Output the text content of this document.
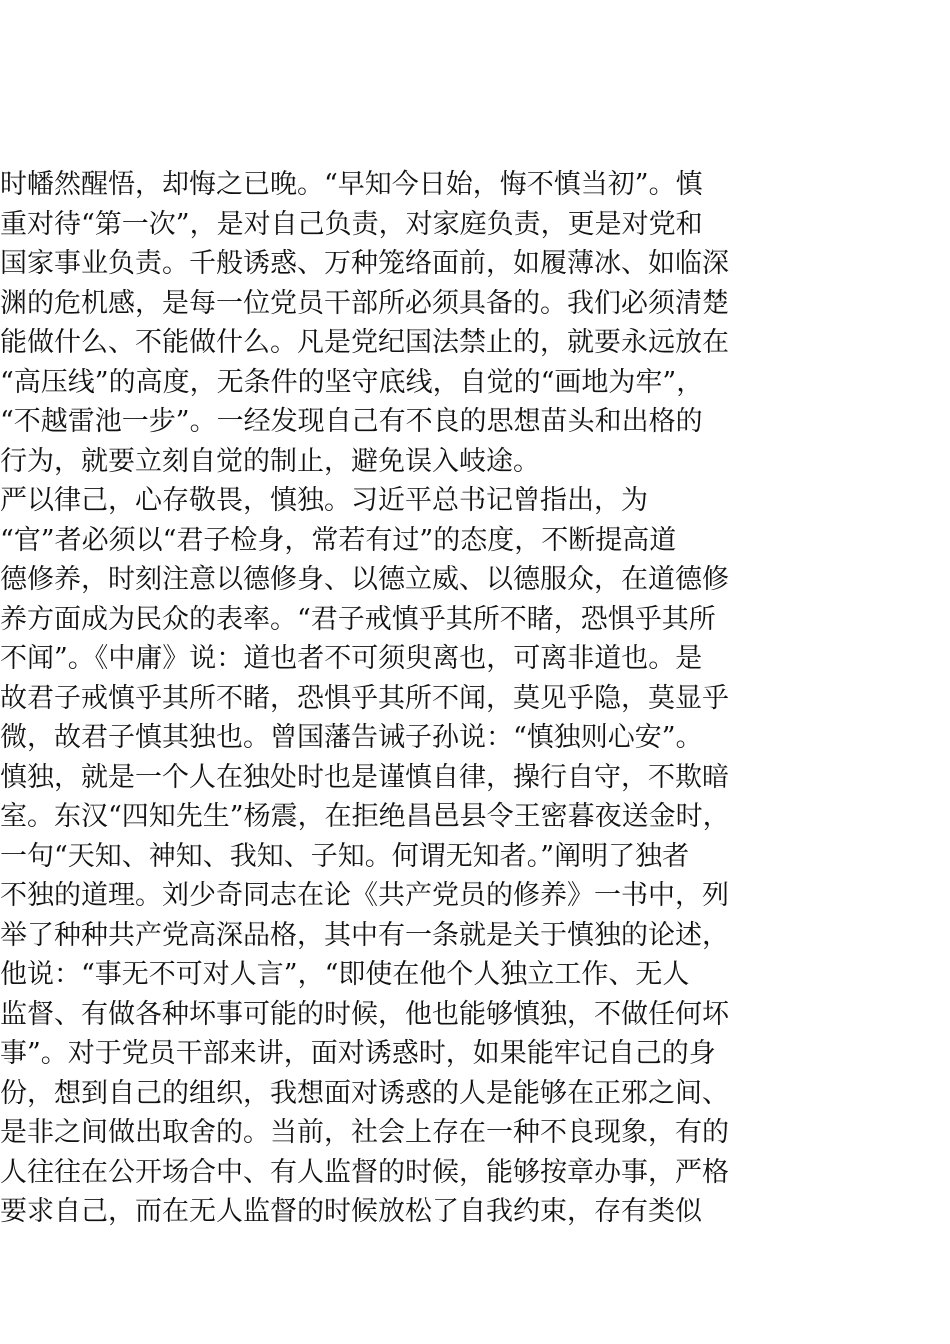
时幡然醒悟，却悔之已晚。“早知今日始，悔不慎当初”。慎
重对待“第一次”，是对自己负责，对家庭负责，更是对党和
国家事业负责。千般诱惑、万种笼络面前，如履薄冰、如临深
渊的危机感，是每一位党员干部所必须具备的。我们必须清楚
能做什么、不能做什么。凡是党纪国法禁止的，就要永远放在
“高压线”的高度，无条件的坚守底线，自觉的“画地为牢”，
“不越雷池一步”。一经发现自己有不良的思想苗头和出格的
行为，就要立刻自觉的制止，避免误入岐途。
严以律己，心存敬畏，慎独。习近平总书记曾指出，为
“官”者必须以“君子检身，常若有过”的态度，不断提高道
德修养，时刻注意以德修身、以德立威、以德服众，在道德修
养方面成为民众的表率。“君子戒慎乎其所不睹，恐惧乎其所
不闻”。《中庸》说：道也者不可须臾离也，可离非道也。是
故君子戒慎乎其所不睹，恐惧乎其所不闻，莫见乎隐，莫显乎
微，故君子慎其独也。曾国藩告诫子孙说：“慎独则心安”。
慎独，就是一个人在独处时也是谨慎自律，操行自守，不欺暗
室。东汉“四知先生”杨震，在拒绝昌邑县令王密暮夜送金时，
一句“天知、神知、我知、子知。何谓无知者。”阐明了独者
不独的道理。刘少奇同志在论《共产党员的修养》一书中，列
举了种种共产党高深品格，其中有一条就是关于慎独的论述，
他说：“事无不可对人言”，“即使在他个人独立工作、无人
监督、有做各种坏事可能的时候，他也能够慎独，不做任何坏
事”。对于党员干部来讲，面对诱惑时，如果能牢记自己的身
份，想到自己的组织，我想面对诱惑的人是能够在正邪之间、
是非之间做出取舍的。当前，社会上存在一种不良现象，有的
人往往在公开场合中、有人监督的时候，能够按章办事，严格
要求自己，而在无人监督的时候放松了自我约束，存有类似
